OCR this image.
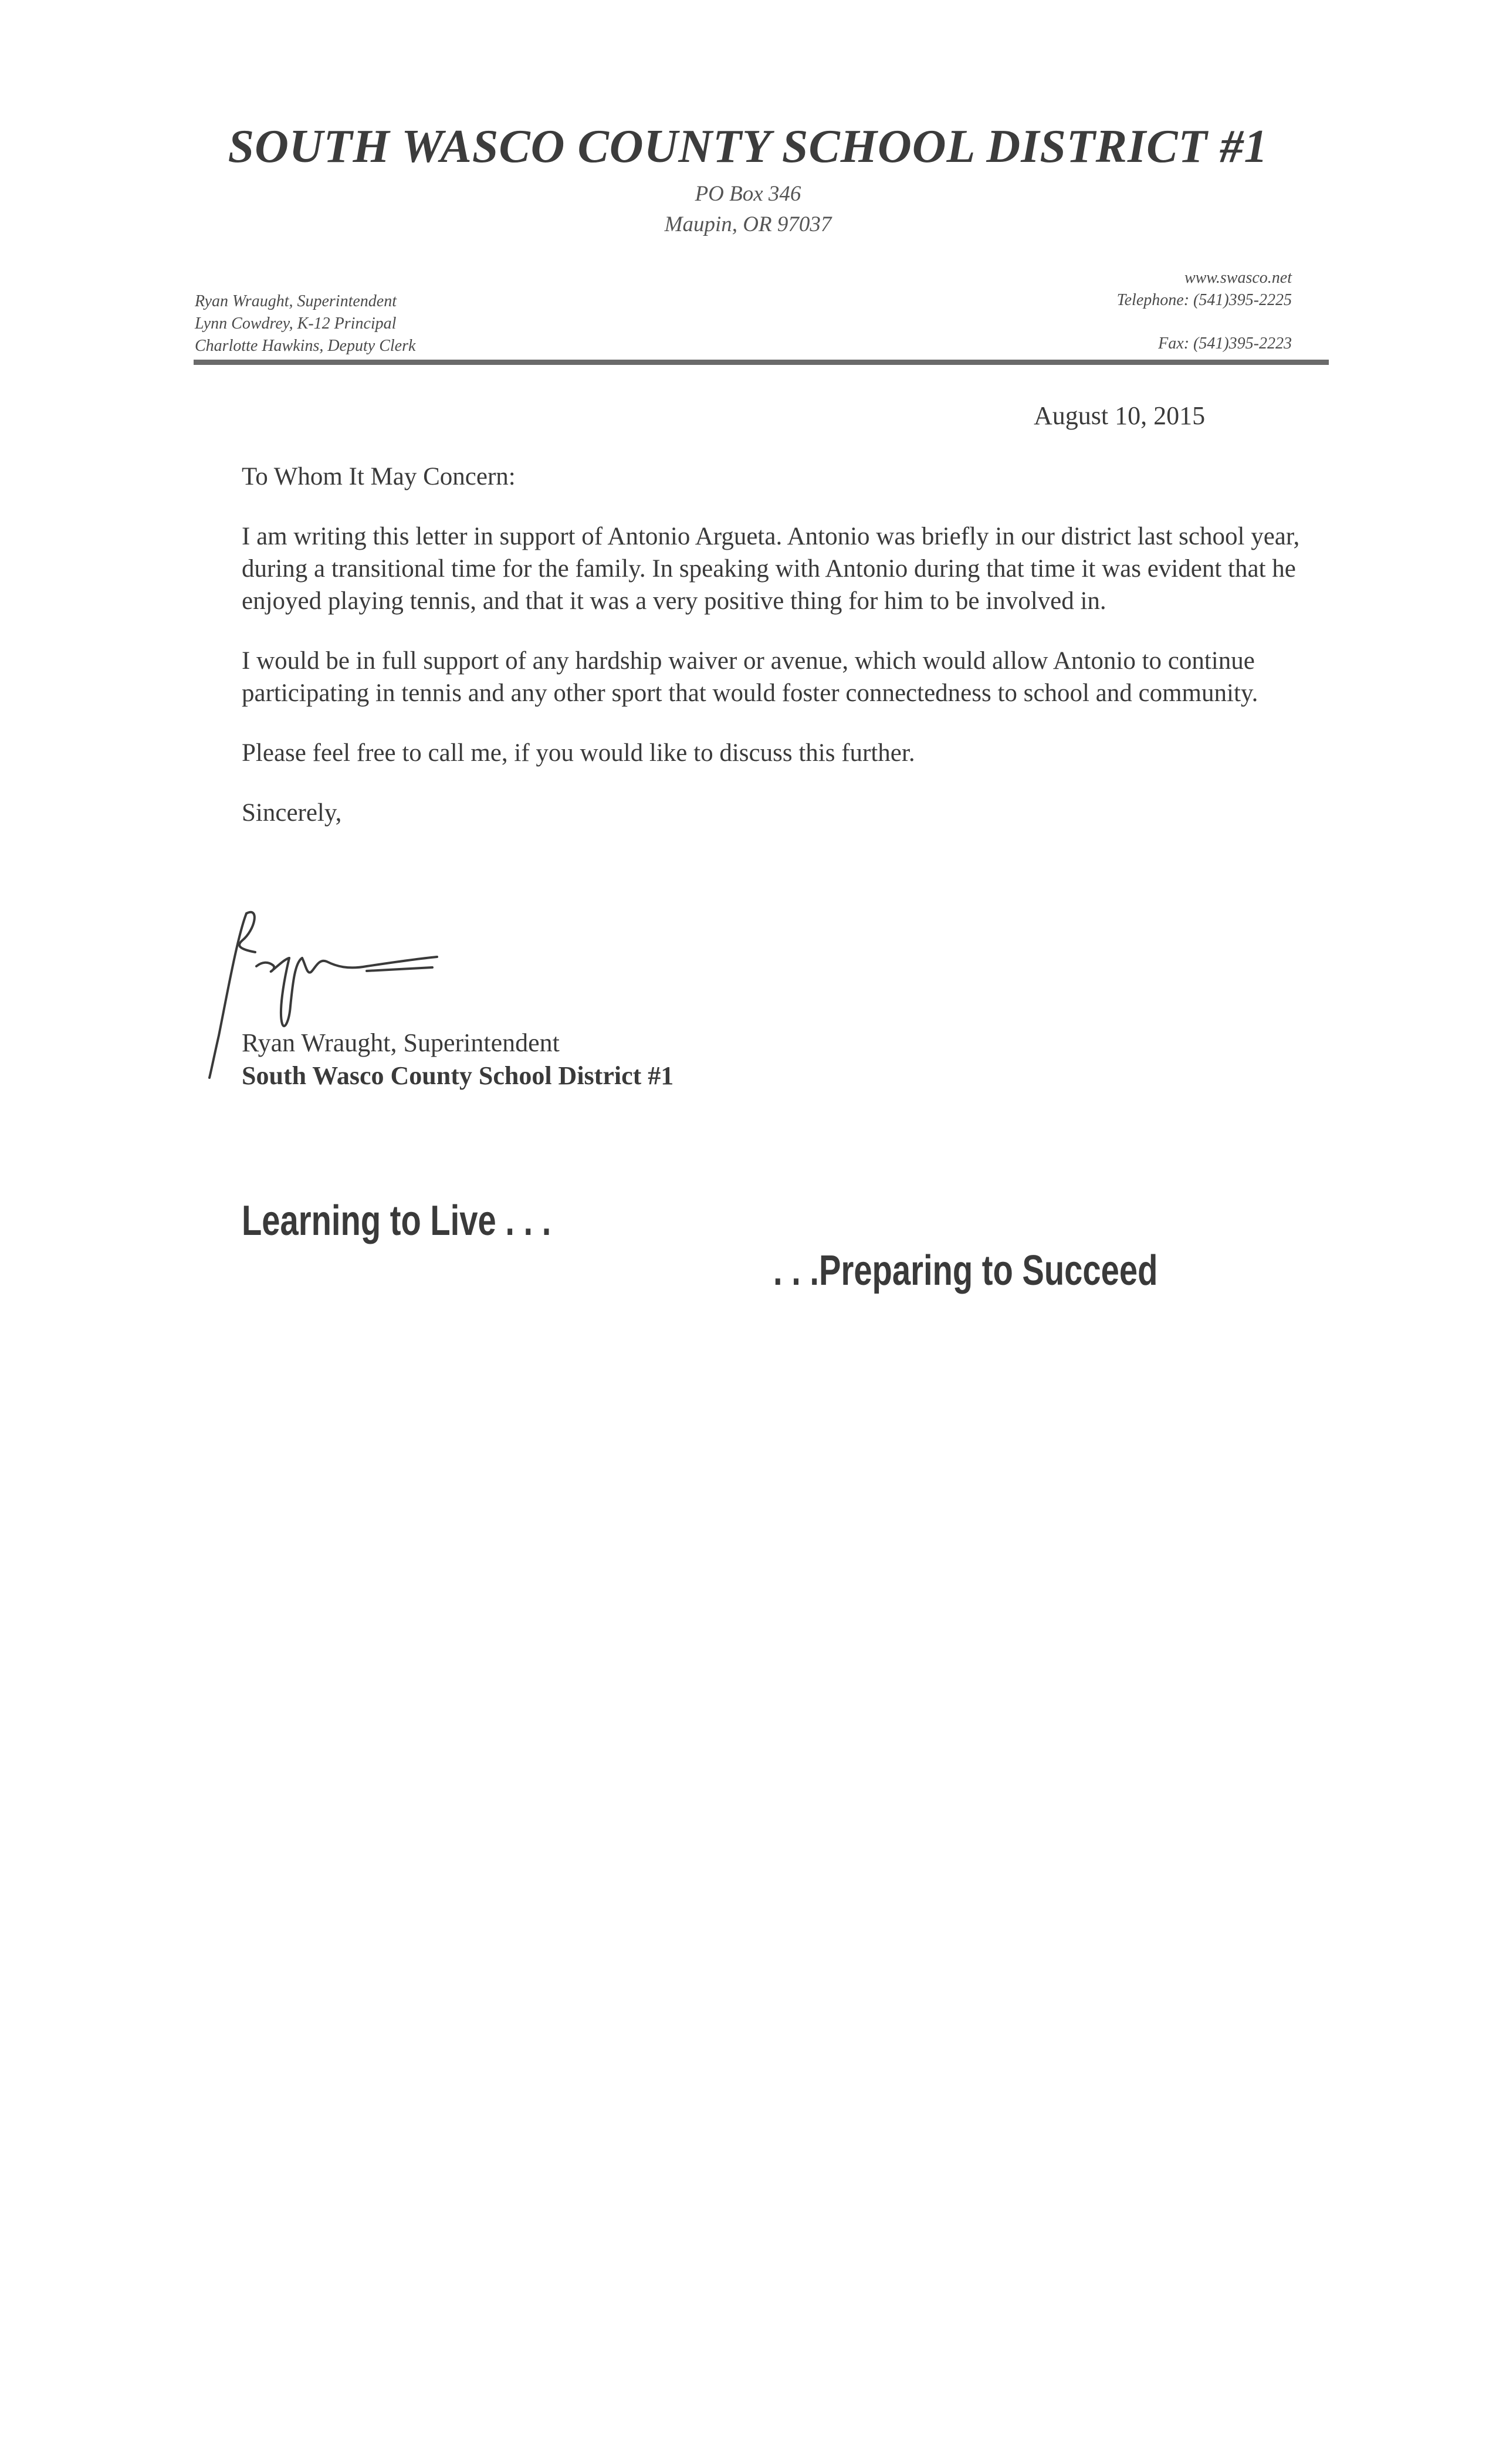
SOUTH WASCO COUNTY SCHOOL DISTRICT #1
PO Box 346
Maupin, OR 97037
Ryan Wraught, Superintendent
Lynn Cowdrey, K-12 Principal
Charlotte Hawkins, Deputy Clerk
www.swasco.net
Telephone: (541)395-2225
Fax: (541)395-2223
August 10, 2015
To Whom It May Concern:

I am writing this letter in support of Antonio Argueta. Antonio was briefly in our district last school year, during a transitional time for the family. In speaking with Antonio during that time it was evident that he enjoyed playing tennis, and that it was a very positive thing for him to be involved in.

I would be in full support of any hardship waiver or avenue, which would allow Antonio to continue participating in tennis and any other sport that would foster connectedness to school and community.

Please feel free to call me, if you would like to discuss this further.

Sincerely,

Ryan Wraught, Superintendent
South Wasco County School District #1
Learning to Live . . .
. . .Preparing to Succeed
